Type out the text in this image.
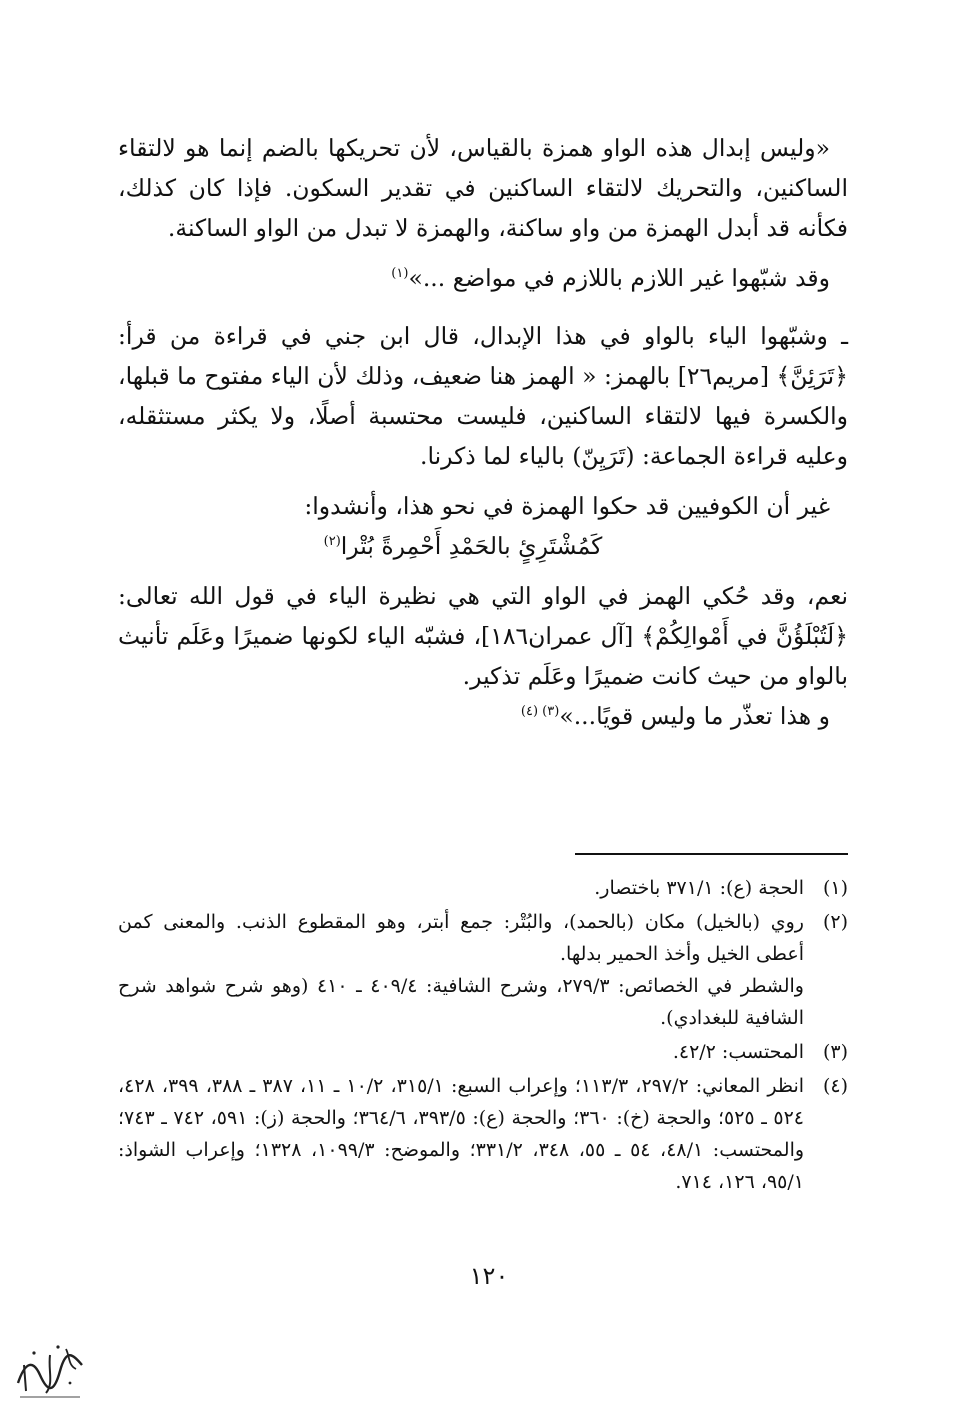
«وليس إبدال هذه الواو همزة بالقياس، لأن تحريكها بالضم إنما هو لالتقاء الساكنين، والتحريك لالتقاء الساكنين في تقدير السكون. فإذا كان كذلك، فكأنه قد أبدل الهمزة من واو ساكنة، والهمزة لا تبدل من الواو الساكنة.

وقد شبّهوا غير اللازم باللازم في مواضع ...»$^{(١)}$

ـ وشبّهوا الياء بالواو في هذا الإبدال، قال ابن جني في قراءة من قرأ: ﴿تَرَئِنَّ﴾ [مريم٢٦] بالهمز: « الهمز هنا ضعيف، وذلك لأن الياء مفتوح ما قبلها، والكسرة فيها لالتقاء الساكنين، فليست محتسبة أصلًا، ولا يكثر مستثقله، وعليه قراءة الجماعة: (تَرَيِنّ) بالياء لما ذكرنا.

غير أن الكوفيين قد حكوا الهمزة في نحو هذا، وأنشدوا:

كَمُشْتَرِئٍ بالحَمْدِ أَحْمِرةً بُتْرا$^{(٢)}$

نعم، وقد حُكي الهمز في الواو التي هي نظيرة الياء في قول الله تعالى: ﴿لَتُبْلَؤُنَّ في أَمْوالِكُمْ﴾ [آل عمران١٨٦]، فشبّه الياء لكونها ضميرًا وعَلَم تأنيث بالواو من حيث كانت ضميرًا وعَلَم تذكير.

و هذا تعذّر ما وليس قويًا...»$^{(٣) (٤)}$

(١)
الحجة (ع): ٣٧١/١ باختصار.
(٢)
روي (بالخيل) مكان (بالحمد)، والبُتْر: جمع أبتر، وهو المقطوع الذنب. والمعنى كمن أعطى الخيل وأخذ الحمير بدلها.
والشطر في الخصائص: ٢٧٩/٣، وشرح الشافية: ٤٠٩/٤ ـ ٤١٠ (وهو شرح شواهد شرح الشافية للبغدادي).
(٣)
المحتسب: ٤٢/٢.
(٤)
انظر المعاني: ٢٩٧/٢، ١١٣/٣؛ وإعراب السبع: ٣١٥/١، ١٠/٢ ـ ١١، ٣٨٧ ـ ٣٨٨، ٣٩٩، ٤٢٨، ٥٢٤ ـ ٥٢٥؛ والحجة (خ): ٣٦٠؛ والحجة (ع): ٣٩٣/٥، ٣٦٤/٦؛ والحجة (ز): ٥٩١، ٧٤٢ ـ ٧٤٣؛ والمحتسب: ٤٨/١، ٥٤ ـ ٥٥، ٣٤٨، ٣٣١/٢؛ والموضح: ١٠٩٩/٣، ١٣٢٨؛ وإعراب الشواذ: ٩٥/١، ١٢٦، ٧١٤.
١٢٠
